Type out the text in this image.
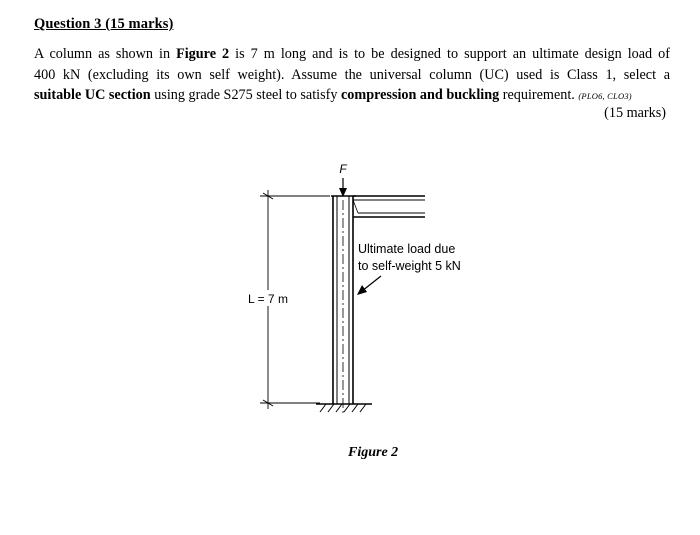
Question 3 (15 marks)
A column as shown in Figure 2 is 7 m long and is to be designed to support an ultimate design load of
400 kN (excluding its own self weight). Assume the universal column (UC) used is Class 1, select a
suitable UC section using grade S275 steel to satisfy compression and buckling requirement. (PLO6, CLO3)
(15 marks)
F
L = 7 m
Ultimate load due
to self-weight 5 kN
Figure 2
